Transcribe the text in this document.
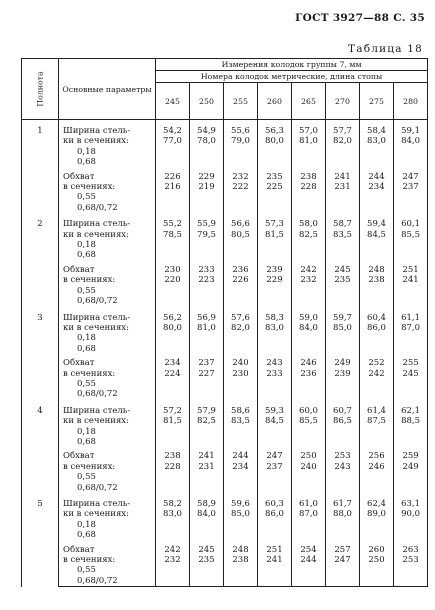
ГОСТ 3927—88 С. 35
Таблица 18
Полнота	Основные параметры	Измерения колодок группы 7, мм							
		Номера колодок метрические, длина стопы							
		245	250	255	260	265	270	275	280
1	Ширина стель-
ки в сечениях:
0,18
0,68	54,2
77,0	54,9
78,0	55,6
79,0	56,3
80,0	57,0
81,0	57,7
82,0	58,4
83,0	59,1
84,0

	Обхват
в сечениях:
0,55
0,68/0,72	226
216	229
219	232
222	235
225	238
228	241
231	244
234	247
237

2	Ширина стель-
ки в сечениях:
0,18
0,68	55,2
78,5	55,9
79,5	56,6
80,5	57,3
81,5	58,0
82,5	58,7
83,5	59,4
84,5	60,1
85,5

	Обхват
в сечениях:
0,55
0,68/0,72	230
220	233
223	236
226	239
229	242
232	245
235	248
238	251
241

3	Ширина стель-
ки в сечениях:
0,18
0,68	56,2
80,0	56,9
81,0	57,6
82,0	58,3
83,0	59,0
84,0	59,7
85,0	60,4
86,0	61,1
87,0

	Обхват
в сечениях:
0,55
0,68/0,72	234
224	237
227	240
230	243
233	246
236	249
239	252
242	255
245

4	Ширина стель-
ки в сечениях:
0,18
0,68	57,2
81,5	57,9
82,5	58,6
83,5	59,3
84,5	60,0
85,5	60,7
86,5	61,4
87,5	62,1
88,5

	Обхват
в сечениях:
0,55
0,68/0,72	238
228	241
231	244
234	247
237	250
240	253
243	256
246	259
249

5	Ширина стель-
ки в сечениях:
0,18
0,68	58,2
83,0	58,9
84,0	59,6
85,0	60,3
86,0	61,0
87,0	61,7
88,0	62,4
89,0	63,1
90,0

	Обхват
в сечениях:
0,55
0,68/0,72	242
232	245
235	248
238	251
241	254
244	257
247	260
250	263
253
